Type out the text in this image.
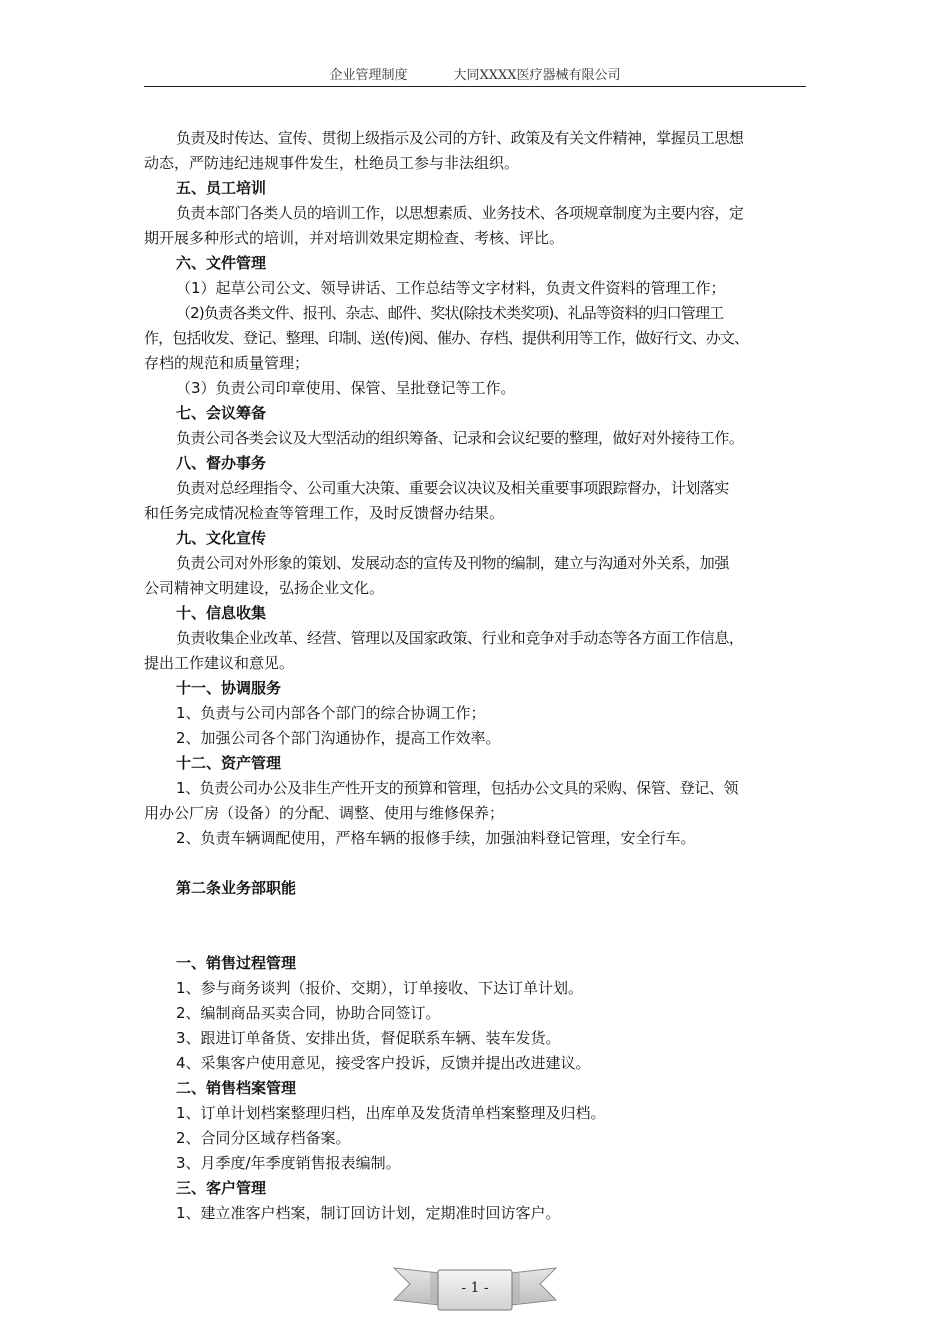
企业管理制度	大同XXXX医疗器械有限公司
负责及时传达、宣传、贯彻上级指示及公司的方针、政策及有关文件精神，掌握员工思想
动态，严防违纪违规事件发生，杜绝员工参与非法组织。
五、员工培训
负责本部门各类人员的培训工作，以思想素质、业务技术、各项规章制度为主要内容，定
期开展多种形式的培训，并对培训效果定期检查、考核、评比。
六、文件管理
（1）起草公司公文、领导讲话、工作总结等文字材料，负责文件资料的管理工作；
（2)负责各类文件、报刊、杂志、邮件、奖状(除技术类奖项)、礼品等资料的归口管理工
作，包括收发、登记、整理、印制、送(传)阅、催办、存档、提供利用等工作，做好行文、办文、
存档的规范和质量管理；
（3）负责公司印章使用、保管、呈批登记等工作。
七、会议筹备
负责公司各类会议及大型活动的组织筹备、记录和会议纪要的整理，做好对外接待工作。
八、督办事务
负责对总经理指令、公司重大决策、重要会议决议及相关重要事项跟踪督办，计划落实
和任务完成情况检查等管理工作，及时反馈督办结果。
九、文化宣传
负责公司对外形象的策划、发展动态的宣传及刊物的编制，建立与沟通对外关系，加强
公司精神文明建设，弘扬企业文化。
十、信息收集
负责收集企业改革、经营、管理以及国家政策、行业和竞争对手动态等各方面工作信息，
提出工作建议和意见。
十一、协调服务
1、负责与公司内部各个部门的综合协调工作；
2、加强公司各个部门沟通协作，提高工作效率。
十二、资产管理
1、负责公司办公及非生产性开支的预算和管理，包括办公文具的采购、保管、登记、领
用办公厂房（设备）的分配、调整、使用与维修保养；
2、负责车辆调配使用，严格车辆的报修手续，加强油料登记管理，安全行车。
第二条业务部职能
一、销售过程管理
1、参与商务谈判（报价、交期），订单接收、下达订单计划。
2、编制商品买卖合同，协助合同签订。
3、跟进订单备货、安排出货，督促联系车辆、装车发货。
4、采集客户使用意见，接受客户投诉，反馈并提出改进建议。
二、销售档案管理
1、订单计划档案整理归档，出库单及发货清单档案整理及归档。
2、合同分区域存档备案。
3、月季度/年季度销售报表编制。
三、客户管理
1、建立准客户档案，制订回访计划，定期准时回访客户。
- 1 -
